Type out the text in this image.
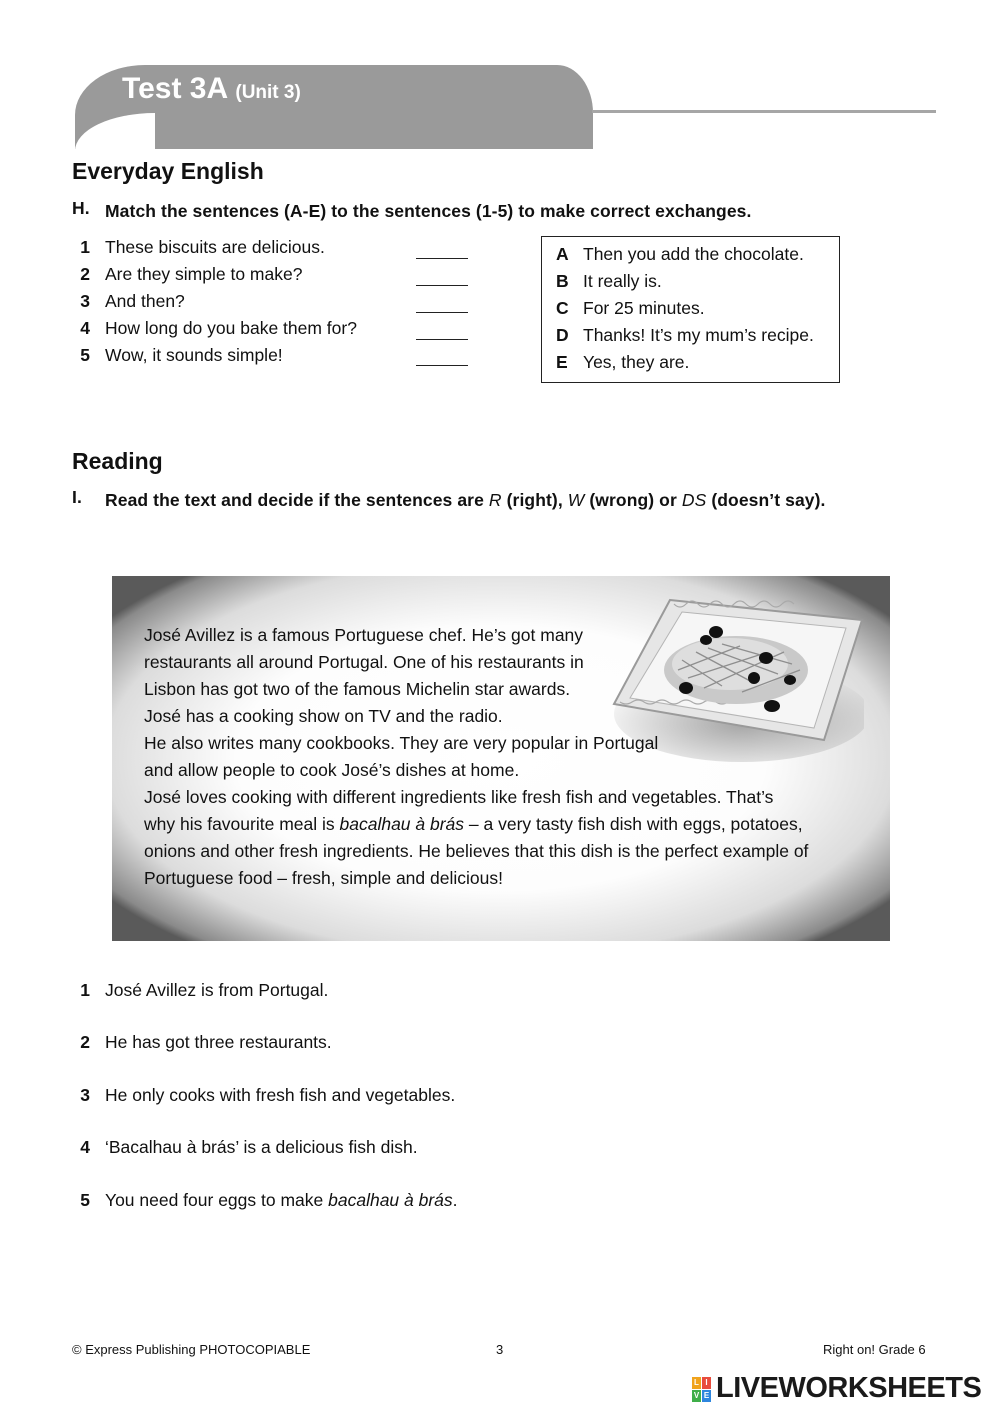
Test 3A (Unit 3)
Everyday English
H. Match the sentences (A-E) to the sentences (1-5) to make correct exchanges.
1 These biscuits are delicious.
2 Are they simple to make?
3 And then?
4 How long do you bake them for?
5 Wow, it sounds simple!
A Then you add the chocolate.
B It really is.
C For 25 minutes.
D Thanks! It’s my mum’s recipe.
E Yes, they are.
Reading
I. Read the text and decide if the sentences are R (right), W (wrong) or DS (doesn’t say).
José Avillez is a famous Portuguese chef. He’s got many
restaurants all around Portugal. One of his restaurants in
Lisbon has got two of the famous Michelin star awards.
José has a cooking show on TV and the radio.
He also writes many cookbooks. They are very popular in Portugal
and allow people to cook José’s dishes at home.
José loves cooking with different ingredients like fresh fish and vegetables. That’s
why his favourite meal is bacalhau à brás – a very tasty fish dish with eggs, potatoes,
onions and other fresh ingredients. He believes that this dish is the perfect example of
Portuguese food – fresh, simple and delicious!
1 José Avillez is from Portugal.
2 He has got three restaurants.
3 He only cooks with fresh fish and vegetables.
4 ‘Bacalhau à brás’ is a delicious fish dish.
5 You need four eggs to make bacalhau à brás.
© Express Publishing PHOTOCOPIABLE	3	Right on! Grade 6
L I
V E LIVEWORKSHEETS
